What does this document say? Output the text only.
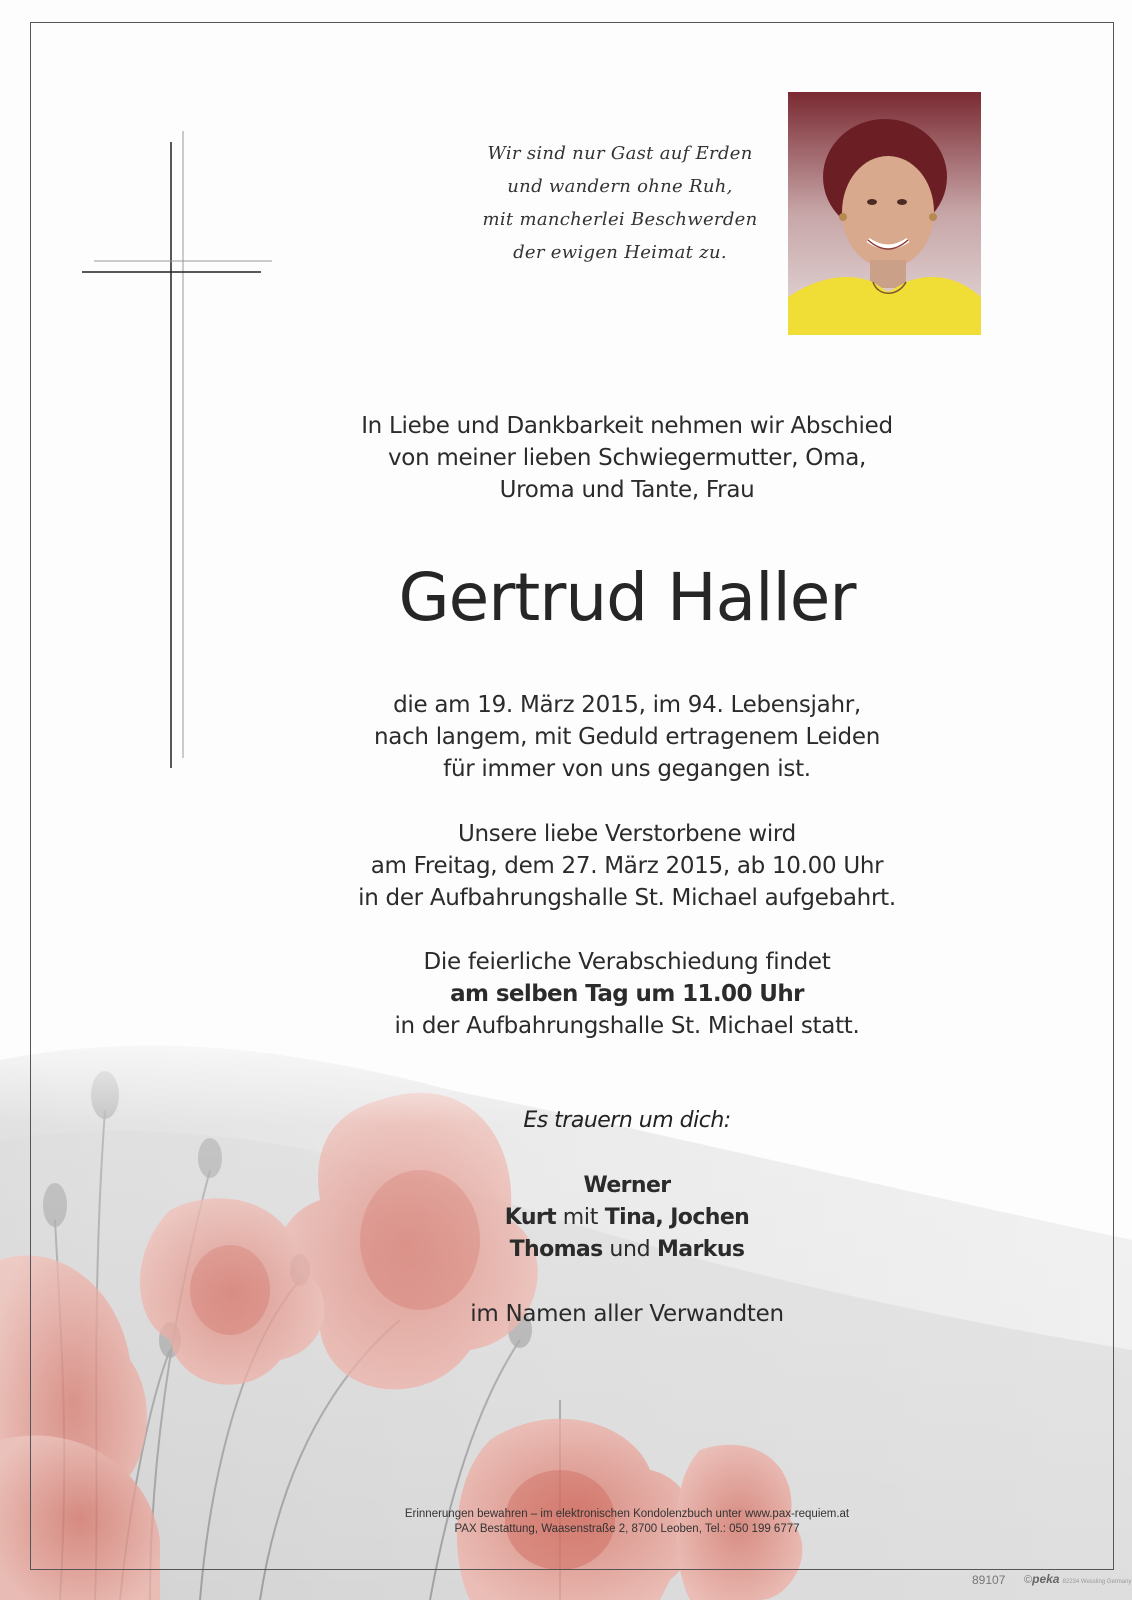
Wir sind nur Gast auf Erden
und wandern ohne Ruh,
mit mancherlei Beschwerden
der ewigen Heimat zu.
In Liebe und Dankbarkeit nehmen wir Abschied
von meiner lieben Schwiegermutter, Oma,
Uroma und Tante, Frau
Gertrud Haller
die am 19. März 2015, im 94. Lebensjahr,
nach langem, mit Geduld ertragenem Leiden
für immer von uns gegangen ist.
Unsere liebe Verstorbene wird
am Freitag, dem 27. März 2015, ab 10.00 Uhr
in der Aufbahrungshalle St. Michael aufgebahrt.
Die feierliche Verabschiedung findet
am selben Tag um 11.00 Uhr
in der Aufbahrungshalle St. Michael statt.
Es trauern um dich:
Werner
Kurt mit Tina, Jochen
Thomas und Markus
im Namen aller Verwandten
Erinnerungen bewahren – im elektronischen Kondolenzbuch unter www.pax-requiem.at
PAX Bestattung, Waasenstraße 2, 8700 Leoben, Tel.: 050 199 6777
89107 ©peka 82234 Wessling Germany
